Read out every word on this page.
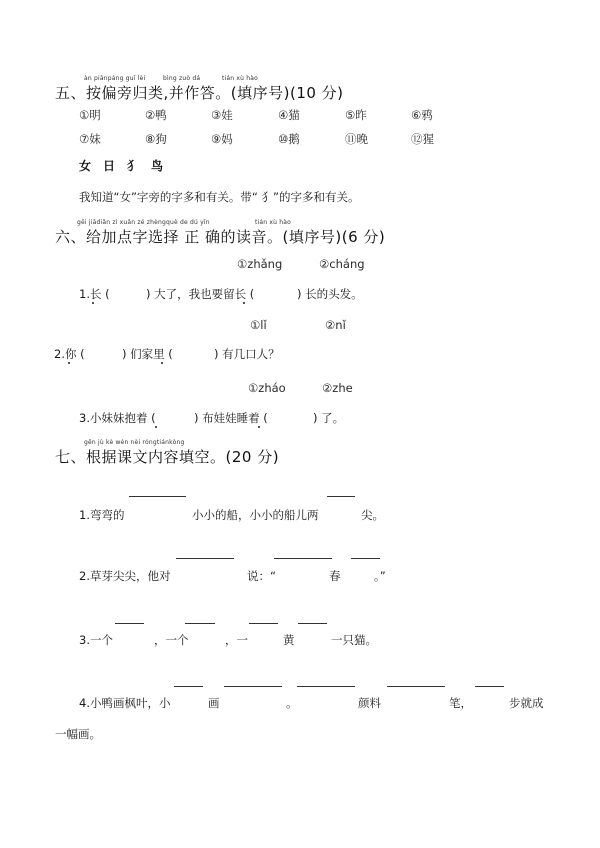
àn piānpáng guī lèi	bìng zuò dá	tián xù hào
五、按偏旁归类,并作答。(填序号)(10 分)
①明	②鸭	③娃	④猫	⑤昨	⑥鸦
⑦妹	⑧狗	⑨妈	⑩鹅	⑪晚	⑫猩
女 日 犭 鸟
我知道“女”字旁的字多和有关。带“ 犭”的字多和有关。
gěi jiādiǎn zì xuǎn zé zhèngquè de dú yīn	tián xù hào
六、给加点字选择 正 确的读音。(填序号)(6 分)
①zhǎng	②cháng
1.长 (	) 大了，我也要留长 (	) 长的头发。
①lǐ	②nǐ
2.你 (	) 们家里 (	) 有几口人？
①zháo	②zhe
3.小妹妹抱着 (	) 布娃娃睡着 (	) 了。
gēn jù kè wén nèi róngtiánkòng
七、根据课文内容填空。(20 分)
1.弯弯的	小小的船，小小的船儿两	尖。
2.草芽尖尖，他对	说：“	春	。”
3.一个	，一个	，一	黄	一只猫。
4.小鸭画枫叶，小	画	。	颜料	笔，	步就成
一幅画。
